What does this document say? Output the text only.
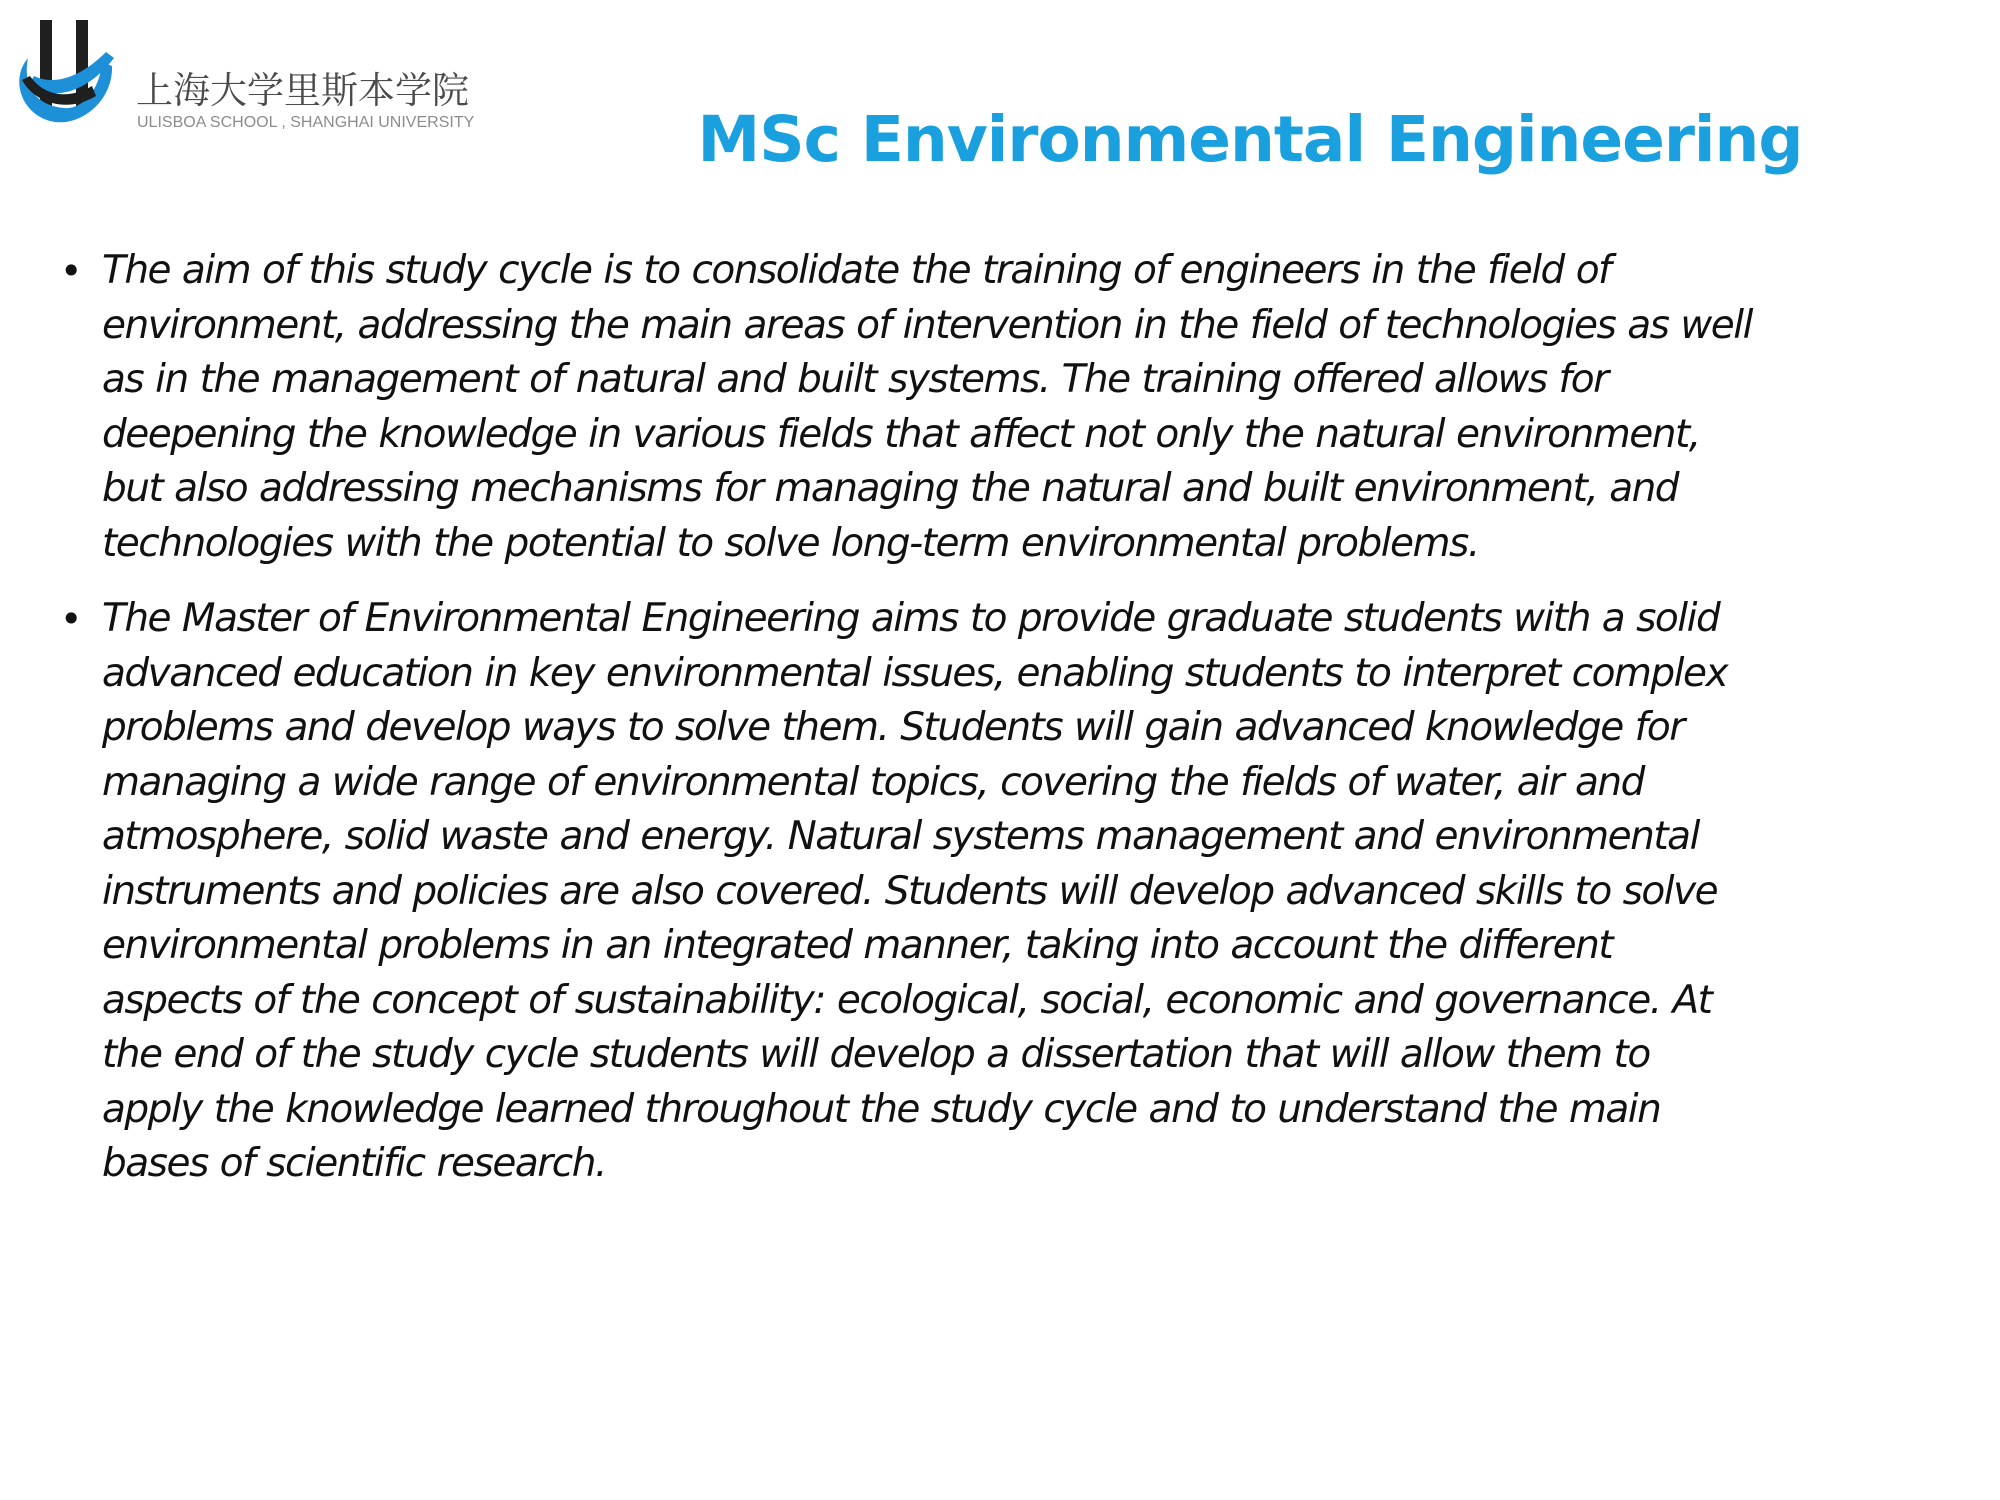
上海大学里斯本学院
ULISBOA SCHOOL , SHANGHAI UNIVERSITY	MSc Environmental Engineering
• The aim of this study cycle is to consolidate the training of engineers in the field of
environment, addressing the main areas of intervention in the field of technologies as well
as in the management of natural and built systems. The training offered allows for
deepening the knowledge in various fields that affect not only the natural environment,
but also addressing mechanisms for managing the natural and built environment, and
technologies with the potential to solve long-term environmental problems.
• The Master of Environmental Engineering aims to provide graduate students with a solid
advanced education in key environmental issues, enabling students to interpret complex
problems and develop ways to solve them. Students will gain advanced knowledge for
managing a wide range of environmental topics, covering the fields of water, air and
atmosphere, solid waste and energy. Natural systems management and environmental
instruments and policies are also covered. Students will develop advanced skills to solve
environmental problems in an integrated manner, taking into account the different
aspects of the concept of sustainability: ecological, social, economic and governance. At
the end of the study cycle students will develop a dissertation that will allow them to
apply the knowledge learned throughout the study cycle and to understand the main
bases of scientific research.
